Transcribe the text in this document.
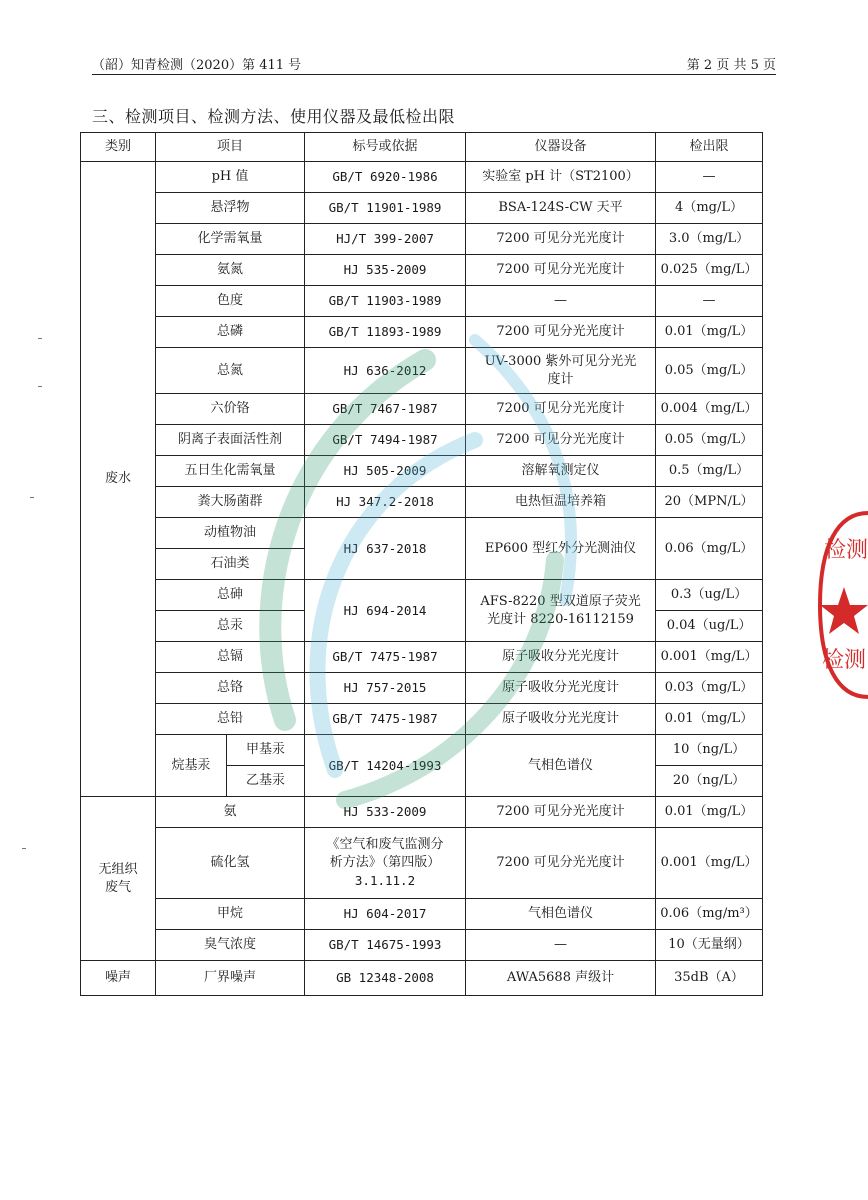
（韶）知青检测（2020）第 411 号	第 2 页 共 5 页
三、检测项目、检测方法、使用仪器及最低检出限
类别	项目		标号或依据	仪器设备	检出限
废水	pH 值		GB/T 6920-1986	实验室 pH 计（ST2100）	—
	悬浮物		GB/T 11901-1989	BSA-124S-CW 天平	4（mg/L）
	化学需氧量		HJ/T 399-2007	7200 可见分光光度计	3.0（mg/L）
	氨氮		HJ 535-2009	7200 可见分光光度计	0.025（mg/L）
	色度		GB/T 11903-1989	—	—
	总磷		GB/T 11893-1989	7200 可见分光光度计	0.01（mg/L）
	总氮		HJ 636-2012	UV-3000 紫外可见分光光
度计	0.05（mg/L）
	六价铬		GB/T 7467-1987	7200 可见分光光度计	0.004（mg/L）
	阴离子表面活性剂		GB/T 7494-1987	7200 可见分光光度计	0.05（mg/L）
	五日生化需氧量		HJ 505-2009	溶解氧测定仪	0.5（mg/L）
	粪大肠菌群		HJ 347.2-2018	电热恒温培养箱	20（MPN/L）
	动植物油		HJ 637-2018	EP600 型红外分光测油仪	0.06（mg/L）
	石油类				
	总砷		HJ 694-2014	AFS-8220 型双道原子荧光
光度计 8220-16112159	0.3（ug/L）
	总汞				0.04（ug/L）
	总镉		GB/T 7475-1987	原子吸收分光光度计	0.001（mg/L）
	总铬		HJ 757-2015	原子吸收分光光度计	0.03（mg/L）
	总铅		GB/T 7475-1987	原子吸收分光光度计	0.01（mg/L）
	烷基汞	甲基汞	GB/T 14204-1993	气相色谱仪	10（ng/L）
		乙基汞			20（ng/L）

无组织
废气	氨		HJ 533-2009	7200 可见分光光度计	0.01（mg/L）
	硫化氢		《空气和废气监测分
析方法》（第四版）
3.1.11.2	7200 可见分光光度计	0.001（mg/L）
	甲烷		HJ 604-2017	气相色谱仪	0.06（mg/m³）
	臭气浓度		GB/T 14675-1993	—	10（无量纲）
噪声	厂界噪声		GB 12348-2008	AWA5688 声级计	35dB（A）
检测
检测
